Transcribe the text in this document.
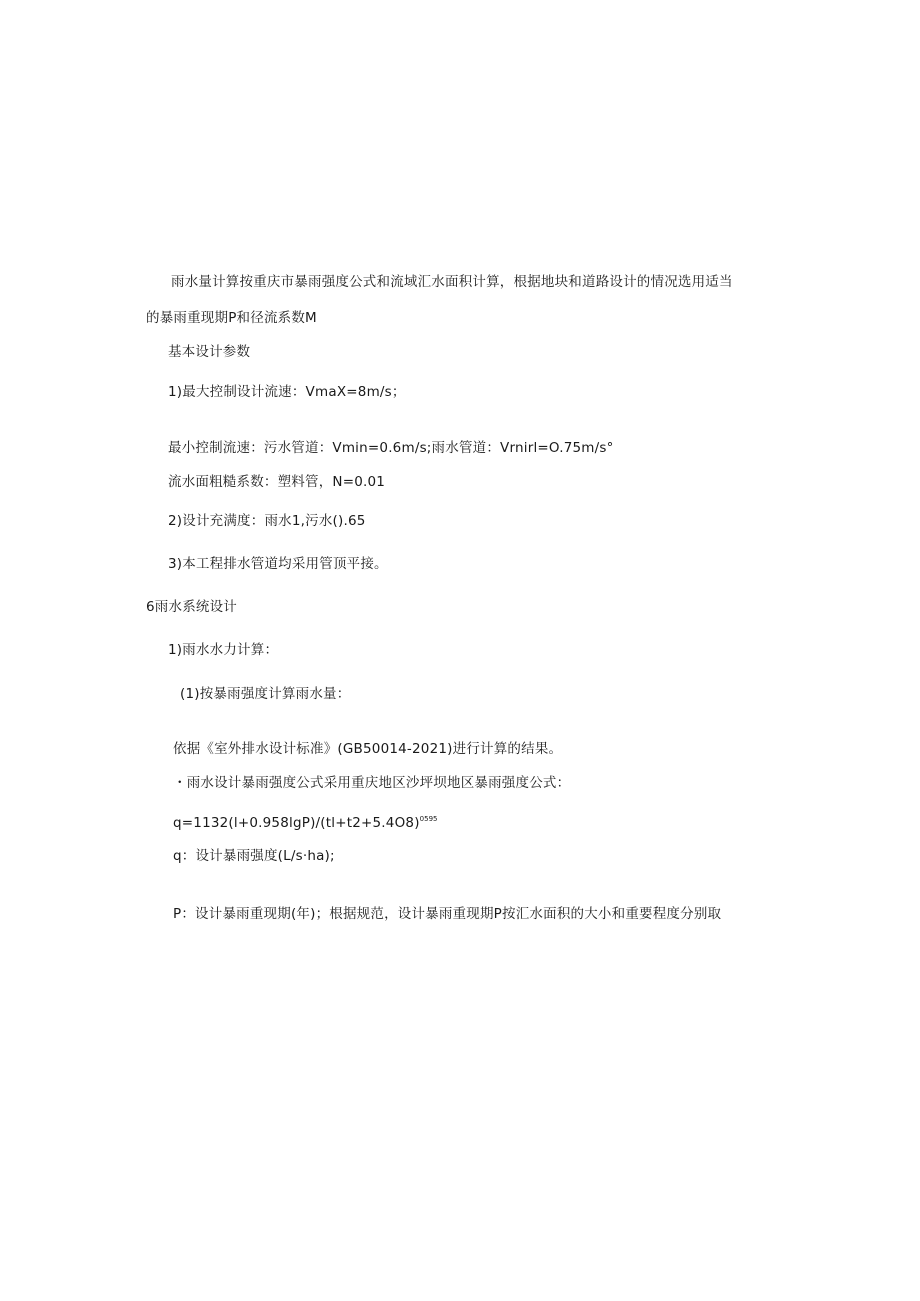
雨水量计算按重庆市暴雨强度公式和流域汇水面积计算，根据地块和道路设计的情况选用适当
的暴雨重现期P和径流系数M
基本设计参数
1)最大控制设计流速：VmaX=8m/s；
最小控制流速：污水管道：Vmin=0.6m∕s;雨水管道：Vrnirl=O.75m∕s°
流水面粗糙系数：塑料管，N=0.01
2)设计充满度：雨水1,污水().65
3)本工程排水管道均采用管顶平接。
6雨水系统设计
1)雨水水力计算：
(1)按暴雨强度计算雨水量：
依据《室外排水设计标准》(GB50014-2021)进行计算的结果。
・雨水设计暴雨强度公式采用重庆地区沙坪坝地区暴雨强度公式：
$q=1132(l+0.958\lg P)/(tl+t2+5.4O8)^{0595}$
q：设计暴雨强度(L∕s·ha);
P：设计暴雨重现期(年)；根据规范，设计暴雨重现期P按汇水面积的大小和重要程度分别取
